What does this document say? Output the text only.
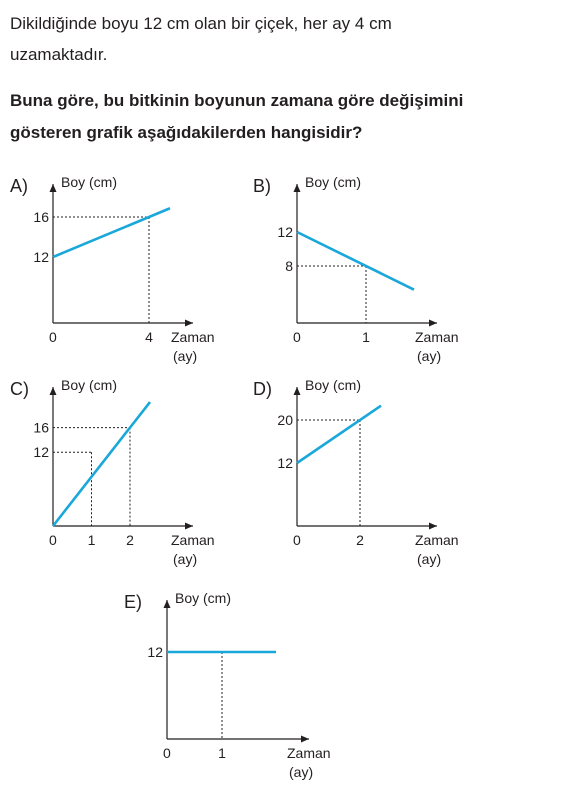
Dikildiğinde boyu 12 cm olan bir çiçek, her ay 4 cm
uzamaktadır.

Buna göre, bu bitkinin boyunun zamana göre değişimini
gösteren grafik aşağıdakilerden hangisidir?

A) Boy (cm)
Zaman
(ay)
0	4
16
12
B) Boy (cm)
Zaman
(ay)
0	1
12
8
C) Boy (cm)
Zaman
(ay)
0 1 2
16
12
D) Boy (cm)
Zaman
(ay)
0	2
20
12
E) Boy (cm)
Zaman
(ay)
0	1
12
